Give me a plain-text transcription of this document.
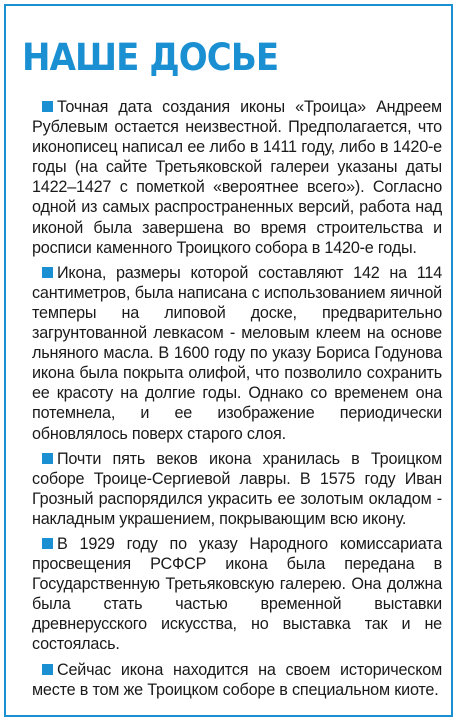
НАШЕ ДОСЬЕ

Точная дата создания иконы «Троица» Андреем Рублевым остается неизвестной. Предполагается, что иконописец написал ее либо в 1411 году, либо в 1420-е годы (на сайте Третьяковской галереи указаны даты 1422–1427 с пометкой «вероятнее всего»). Согласно одной из самых распространенных версий, работа над иконой была завершена во время строительства и росписи каменного Троицкого собора в 1420-е годы.

Икона, размеры которой составляют 142 на 114 сантиметров, была написана с использованием яичной темперы на липовой доске, предварительно загрунтованной левкасом - меловым клеем на основе льняного масла. В 1600 году по указу Бориса Годунова икона была покрыта олифой, что позволило сохранить ее красоту на долгие годы. Однако со временем она потемнела, и ее изображение периодически обновлялось поверх старого слоя.

Почти пять веков икона хранилась в Троицком соборе Троице-Сергиевой лавры. В 1575 году Иван Грозный распорядился украсить ее золотым окладом - накладным украшением, покрывающим всю икону.

В 1929 году по указу Народного комиссариата просвещения РСФСР икона была передана в Государственную Третьяковскую галерею. Она должна была стать частью временной выставки древнерусского искусства, но выставка так и не состоялась.

Сейчас икона находится на своем историческом месте в том же Троицком соборе в специальном киоте.
